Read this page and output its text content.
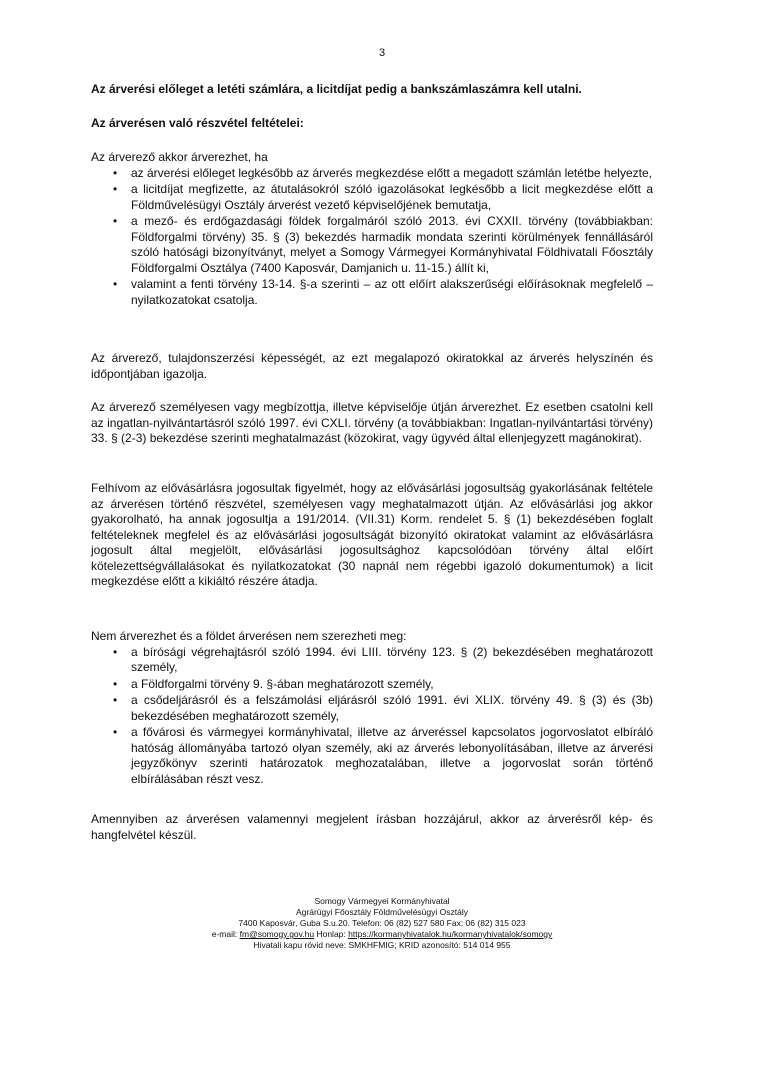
3
Az árverési előleget a letéti számlára, a licitdíjat pedig a bankszámlaszámra kell utalni.
Az árverésen való részvétel feltételei:
Az árverező akkor árverezhet, ha
• az árverési előleget legkésőbb az árverés megkezdése előtt a megadott számlán letétbe helyezte,
• a licitdíjat megfizette, az átutalásokról szóló igazolásokat legkésőbb a licit megkezdése előtt a Földművelésügyi Osztály árverést vezető képviselőjének bemutatja,
• a mező- és erdőgazdasági földek forgalmáról szóló 2013. évi CXXII. törvény (továbbiakban: Földforgalmi törvény) 35. § (3) bekezdés harmadik mondata szerinti körülmények fennállásáról szóló hatósági bizonyítványt, melyet a Somogy Vármegyei Kormányhivatal Földhivatali Főosztály Földforgalmi Osztálya (7400 Kaposvár, Damjanich u. 11-15.) állít ki,
• valamint a fenti törvény 13-14. §-a szerinti – az ott előírt alakszerűségi előírásoknak megfelelő – nyilatkozatokat csatolja.
Az árverező, tulajdonszerzési képességét, az ezt megalapozó okiratokkal az árverés helyszínén és időpontjában igazolja.
Az árverező személyesen vagy megbízottja, illetve képviselője útján árverezhet. Ez esetben csatolni kell az ingatlan-nyilvántartásról szóló 1997. évi CXLI. törvény (a továbbiakban: Ingatlan-nyilvántartási törvény) 33. § (2-3) bekezdése szerinti meghatalmazást (közokirat, vagy ügyvéd által ellenjegyzett magánokirat).
Felhívom az elővásárlásra jogosultak figyelmét, hogy az elővásárlási jogosultság gyakorlásának feltétele az árverésen történő részvétel, személyesen vagy meghatalmazott útján. Az elővásárlási jog akkor gyakorolható, ha annak jogosultja a 191/2014. (VII.31) Korm. rendelet 5. § (1) bekezdésében foglalt feltételeknek megfelel és az elővásárlási jogosultságát bizonyító okiratokat valamint az elővásárlásra jogosult által megjelölt, elővásárlási jogosultsághoz kapcsolódóan törvény által előírt kötelezettségvállalásokat és nyilatkozatokat (30 napnál nem régebbi igazoló dokumentumok) a licit megkezdése előtt a kikiáltó részére átadja.
Nem árverezhet és a földet árverésen nem szerezheti meg:
• a bírósági végrehajtásról szóló 1994. évi LIII. törvény 123. § (2) bekezdésében meghatározott személy,
• a Földforgalmi törvény 9. §-ában meghatározott személy,
• a csődeljárásról és a felszámolási eljárásról szóló 1991. évi XLIX. törvény 49. § (3) és (3b) bekezdésében meghatározott személy,
• a fővárosi és vármegyei kormányhivatal, illetve az árveréssel kapcsolatos jogorvoslatot elbíráló hatóság állományába tartozó olyan személy, aki az árverés lebonyolításában, illetve az árverési jegyzőkönyv szerinti határozatok meghozatalában, illetve a jogorvoslat során történő elbírálásában részt vesz.
Amennyiben az árverésen valamennyi megjelent írásban hozzájárul, akkor az árverésről kép- és hangfelvétel készül.
Somogy Vármegyei Kormányhivatal
Agrárügyi Főosztály Földművelésügyi Osztály
7400 Kaposvár, Guba S.u.20. Telefon: 06 (82) 527 580 Fax: 06 (82) 315 023
e-mail: fm@somogy.gov.hu Honlap: https://kormanyhivatalok.hu/kormanyhivatalok/somogy
Hivatali kapu rövid neve: SMKHFMIG; KRID azonosító: 514 014 955
